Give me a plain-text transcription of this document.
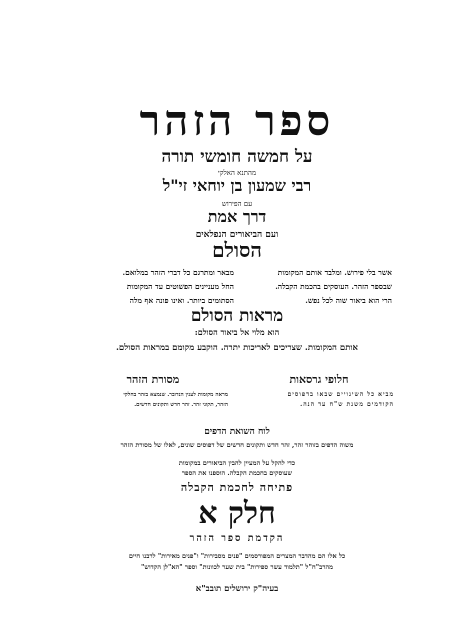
ספר הזהר
על חמשה חומשי תורה
מהתנא האלקי
רבי שמעון בן יוחאי זי"ל
עם הפירוש
דרך אמת
ועם הביאורים הנפלאים
הסולם
מבאר ומתרגם כל דברי הזהר במלואם.
החל מעניינים הפשוטים עד המקומות
הסתומים ביותר. ואינו פונה אף מלה
אשר בלי פירוש. ומלבד אותם המקומות
שבספר הזהר. העוסקים בהכמת הקבלה.
הרי הוא ביאור שוה לכל נפש.
מראות הסולם
הוא מלוי אל ביאור הסולם:
אותם המקומות. שצריכים לאריכות יתרה. הוקבע מקומם במראות הסולם.
מסורת הזהר
מראה מקומות לענין הנדובר. שנמצא בזהר בחלקי
הזהר, תקוני זהר. זהר חדש ותקונים חדשים.
חלופי גרסאות
מביא כל השינויים שבאו בדפוסים
הקודמים משנת ש"ח עד הנה.
לוח השואת הדפים
משוה הדפים בזוהר זהר, זהר חדש ותקונים חדשים של דפוסים שונים, לאלו של מסורת הזהר
כדי להקל על המעיין להבין הביאורים במקומות
שעוסקים בחכמת הקבלה. הוספנו את הספר
פתיחה לחכמת הקבלה
חלק א
הקדמת ספר הזהר
כל אלו הם מהדבר המצרים המפורסמים "פנים מסבירות" ו"פנים מאירות" לרבנו חיים
מהרב"ח"ל "תלמוד עשר ספירות" בית שער לכוונות" וספר "הא"לן הקדוש"
בעיה"ק ירושלים תובב"א
